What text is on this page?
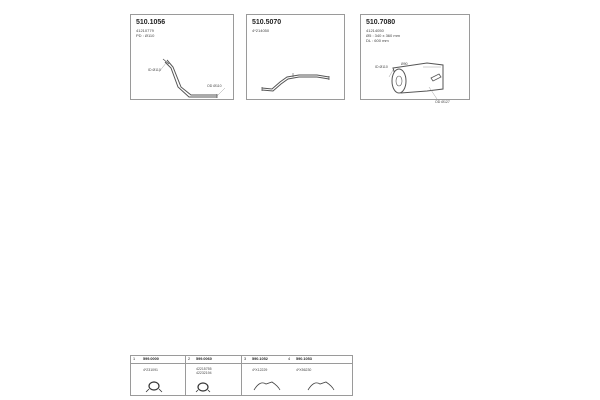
510.1056
41210779
PD : Ø110
ID Ø110
OD Ø110
510.5070
4*214050
510.7080
41214050
Ø5 : 340 x 360 mm
DL : 600 mm
ID Ø110
OD Ø127
Ø90
1 599.0000
4*231091
2 599.0060
42215755
42232194
3 590.1052	4 590.1053
4*X12229	4*X56230
